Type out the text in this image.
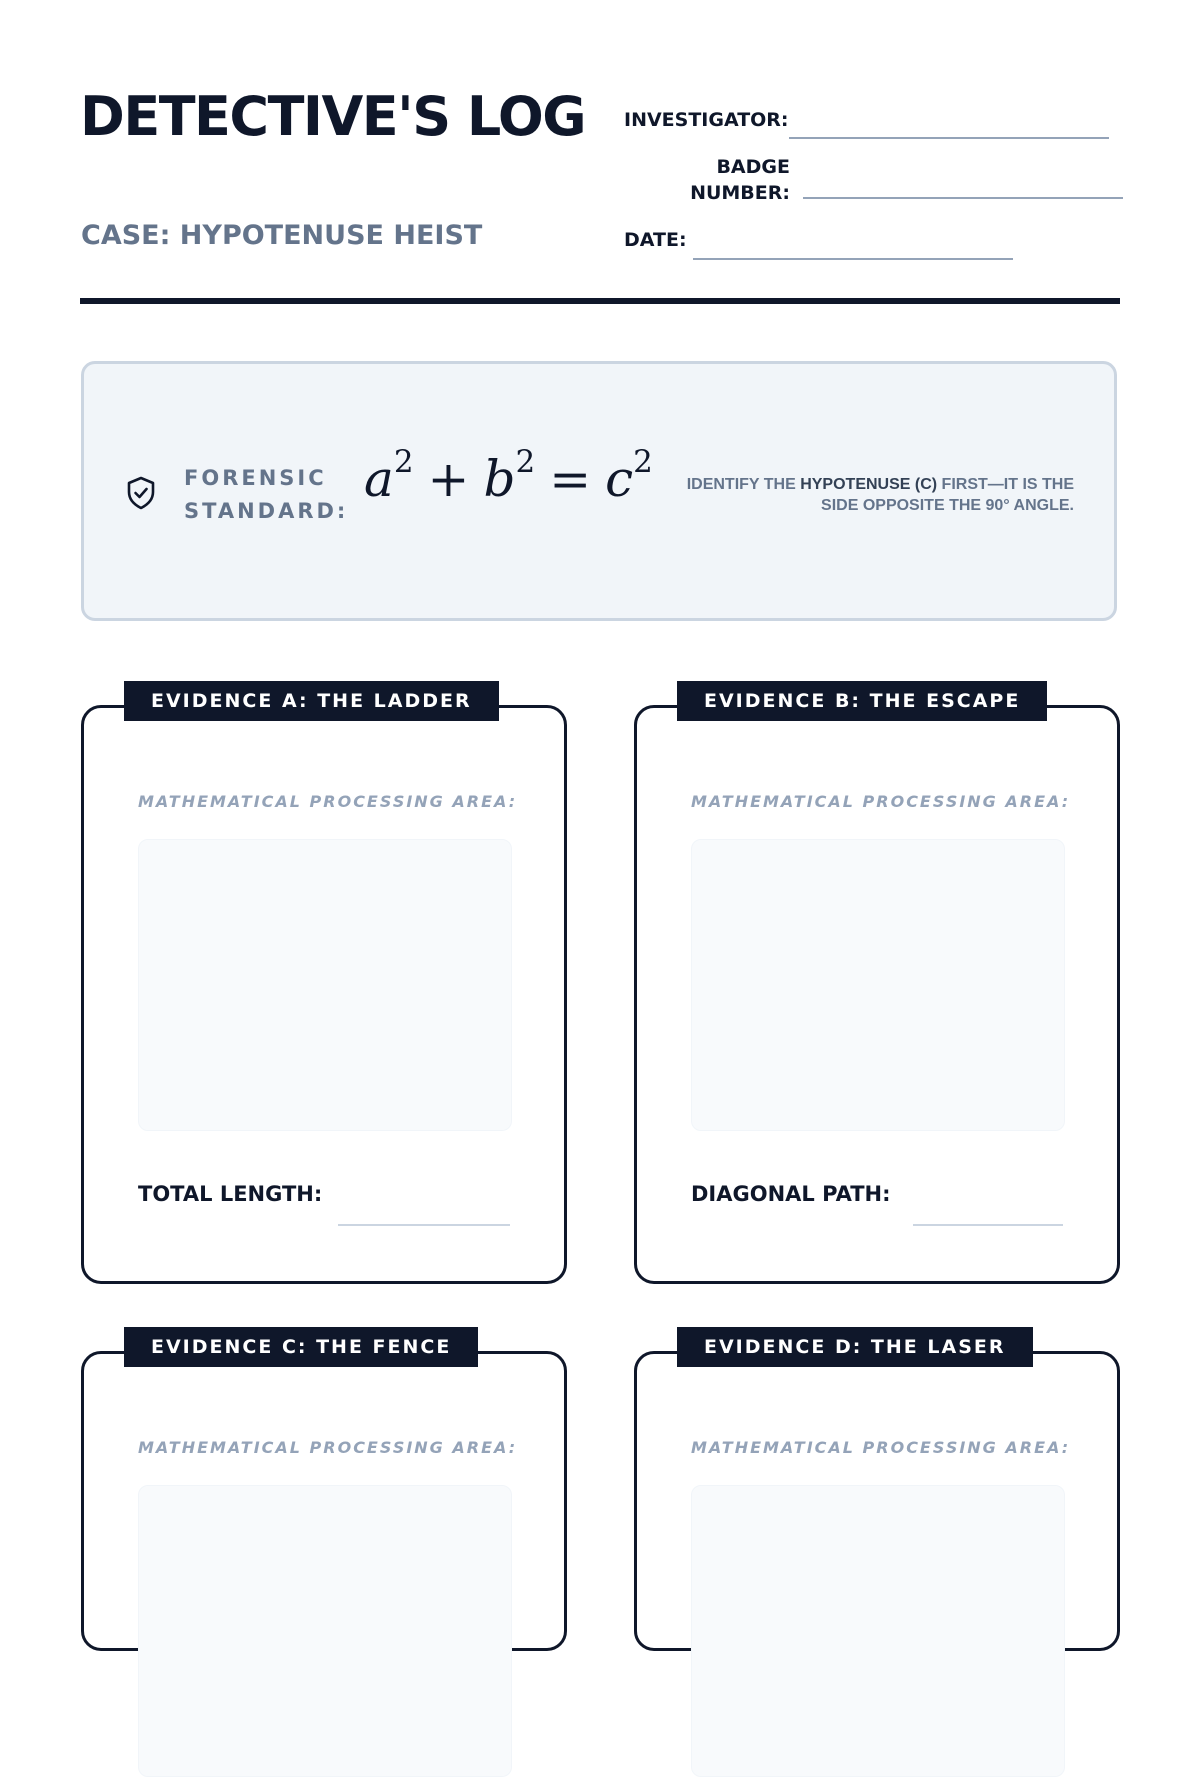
DETECTIVE'S LOG
CASE: HYPOTENUSE HEIST
INVESTIGATOR:
BADGE NUMBER:
DATE:
FORENSIC STANDARD:
$a^2 + b^2 = c^2$
IDENTIFY THE HYPOTENUSE (C) FIRST—IT IS THE SIDE OPPOSITE THE 90° ANGLE.
EVIDENCE A: THE LADDER
MATHEMATICAL PROCESSING AREA:
TOTAL LENGTH:
EVIDENCE B: THE ESCAPE
MATHEMATICAL PROCESSING AREA:
DIAGONAL PATH:
EVIDENCE C: THE FENCE
MATHEMATICAL PROCESSING AREA:
EVIDENCE D: THE LASER
MATHEMATICAL PROCESSING AREA:
